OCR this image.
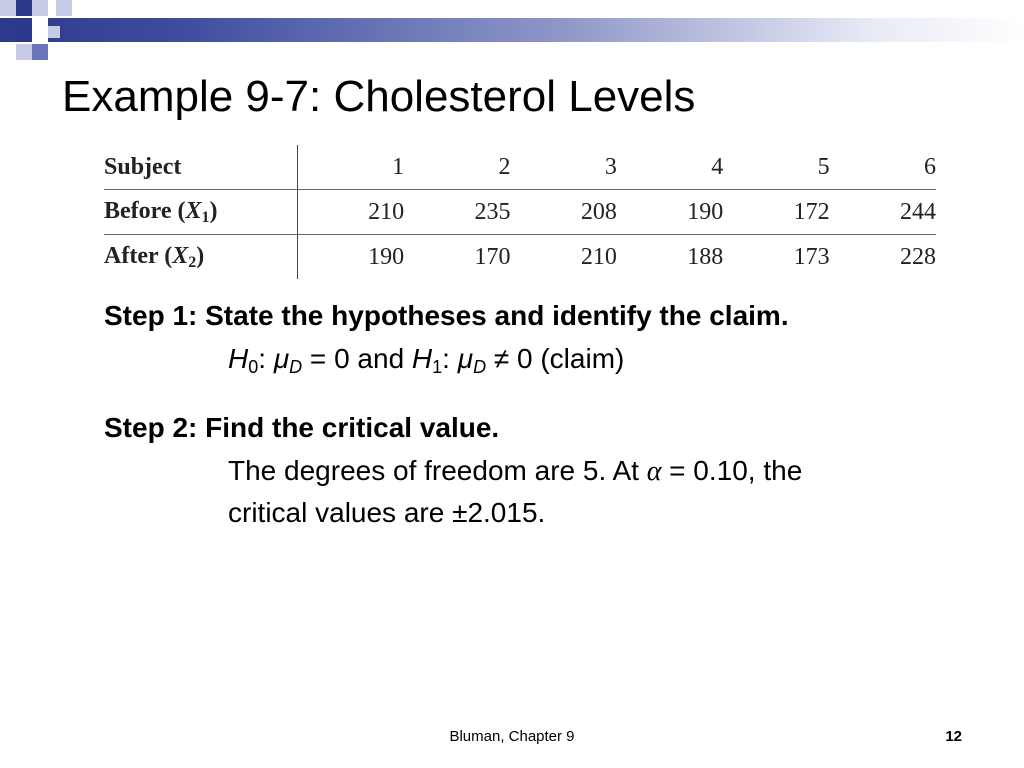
Example 9-7: Cholesterol Levels
Subject	1	2	3	4	5	6
Before $(X_1)$	210	235	208	190	172	244
After $(X_2)$	190	170	210	188	173	228
Step 1: State the hypotheses and identify the claim.
H0: μD = 0 and H1: μD ≠ 0 (claim)
Step 2: Find the critical value.
The degrees of freedom are 5. At α = 0.10, the
critical values are ±2.015.
Bluman, Chapter 9	12
